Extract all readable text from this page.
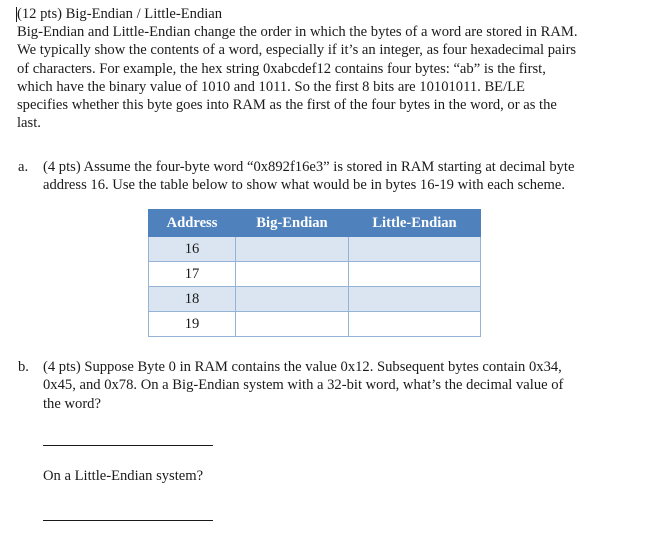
(12 pts) Big-Endian / Little-Endian
Big-Endian and Little-Endian change the order in which the bytes of a word are stored in RAM.
We typically show the contents of a word, especially if it’s an integer, as four hexadecimal pairs
of characters. For example, the hex string 0xabcdef12 contains four bytes: “ab” is the first,
which have the binary value of 1010 and 1011. So the first 8 bits are 10101011. BE/LE
specifies whether this byte goes into RAM as the first of the four bytes in the word, or as the
last.
a. (4 pts) Assume the four-byte word “0x892f16e3” is stored in RAM starting at decimal byte
address 16. Use the table below to show what would be in bytes 16-19 with each scheme.
Address	Big-Endian	Little-Endian
16		
17		
18		
19		
b. (4 pts) Suppose Byte 0 in RAM contains the value 0x12. Subsequent bytes contain 0x34,
0x45, and 0x78. On a Big-Endian system with a 32-bit word, what’s the decimal value of
the word?
On a Little-Endian system?
